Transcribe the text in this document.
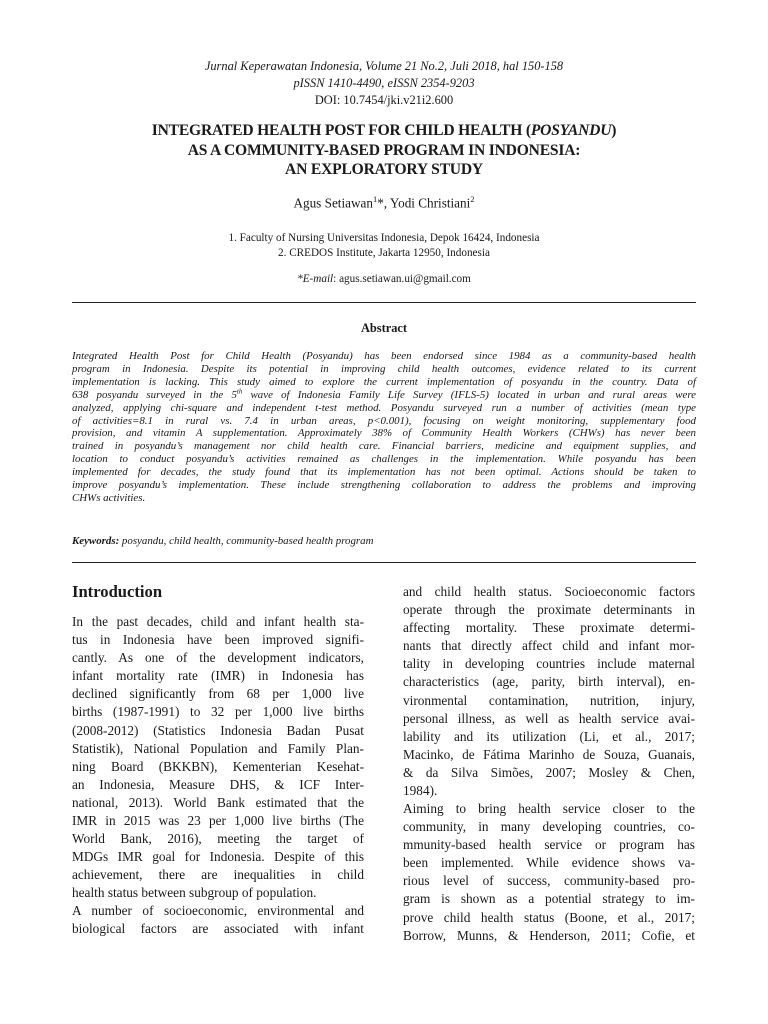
Jurnal Keperawatan Indonesia, Volume 21 No.2, Juli 2018, hal 150-158
pISSN 1410-4490, eISSN 2354-9203
DOI: 10.7454/jki.v21i2.600
INTEGRATED HEALTH POST FOR CHILD HEALTH (POSYANDU)
AS A COMMUNITY-BASED PROGRAM IN INDONESIA:
AN EXPLORATORY STUDY
Agus Setiawan$^1$*, Yodi Christiani$^2$
1. Faculty of Nursing Universitas Indonesia, Depok 16424, Indonesia
2. CREDOS Institute, Jakarta 12950, Indonesia
*E-mail: agus.setiawan.ui@gmail.com
Abstract

Integrated Health Post for Child Health (Posyandu) has been endorsed since 1984 as a community-based health

program in Indonesia. Despite its potential in improving child health outcomes, evidence related to its current

implementation is lacking. This study aimed to explore the current implementation of posyandu in the country. Data of

638 posyandu surveyed in the 5th wave of Indonesia Family Life Survey (IFLS-5) located in urban and rural areas were

analyzed, applying chi-square and independent t-test method. Posyandu surveyed run a number of activities (mean type

of activities=8.1 in rural vs. 7.4 in urban areas, p<0.001), focusing on weight monitoring, supplementary food

provision, and vitamin A supplementation. Approximately 38% of Community Health Workers (CHWs) has never been

trained in posyandu’s management nor child health care. Financial barriers, medicine and equipment supplies, and

location to conduct posyandu’s activities remained as challenges in the implementation. While posyandu has been

implemented for decades, the study found that its implementation has not been optimal. Actions should be taken to

improve posyandu’s implementation. These include strengthening collaboration to address the problems and improving

CHWs activities.

Keywords: posyandu, child health, community-based health program
Introduction
In the past decades, child and infant health sta-
tus in Indonesia have been improved signifi-
cantly. As one of the development indicators,
infant mortality rate (IMR) in Indonesia has
declined significantly from 68 per 1,000 live
births (1987-1991) to 32 per 1,000 live births
(2008-2012) (Statistics Indonesia Badan Pusat
Statistik), National Population and Family Plan-
ning Board (BKKBN), Kementerian Kesehat-
an Indonesia, Measure DHS, & ICF Inter-
national, 2013). World Bank estimated that the
IMR in 2015 was 23 per 1,000 live births (The
World Bank, 2016), meeting the target of
MDGs IMR goal for Indonesia. Despite of this
achievement, there are inequalities in child
health status between subgroup of population.
A number of socioeconomic, environmental and
biological factors are associated with infant
and child health status. Socioeconomic factors
operate through the proximate determinants in
affecting mortality. These proximate determi-
nants that directly affect child and infant mor-
tality in developing countries include maternal
characteristics (age, parity, birth interval), en-
vironmental contamination, nutrition, injury,
personal illness, as well as health service avai-
lability and its utilization (Li, et al., 2017;
Macinko, de Fátima Marinho de Souza, Guanais,
& da Silva Simões, 2007; Mosley & Chen,
1984).
Aiming to bring health service closer to the
community, in many developing countries, co-
mmunity-based health service or program has
been implemented. While evidence shows va-
rious level of success, community-based pro-
gram is shown as a potential strategy to im-
prove child health status (Boone, et al., 2017;
Borrow, Munns, & Henderson, 2011; Cofie, et
